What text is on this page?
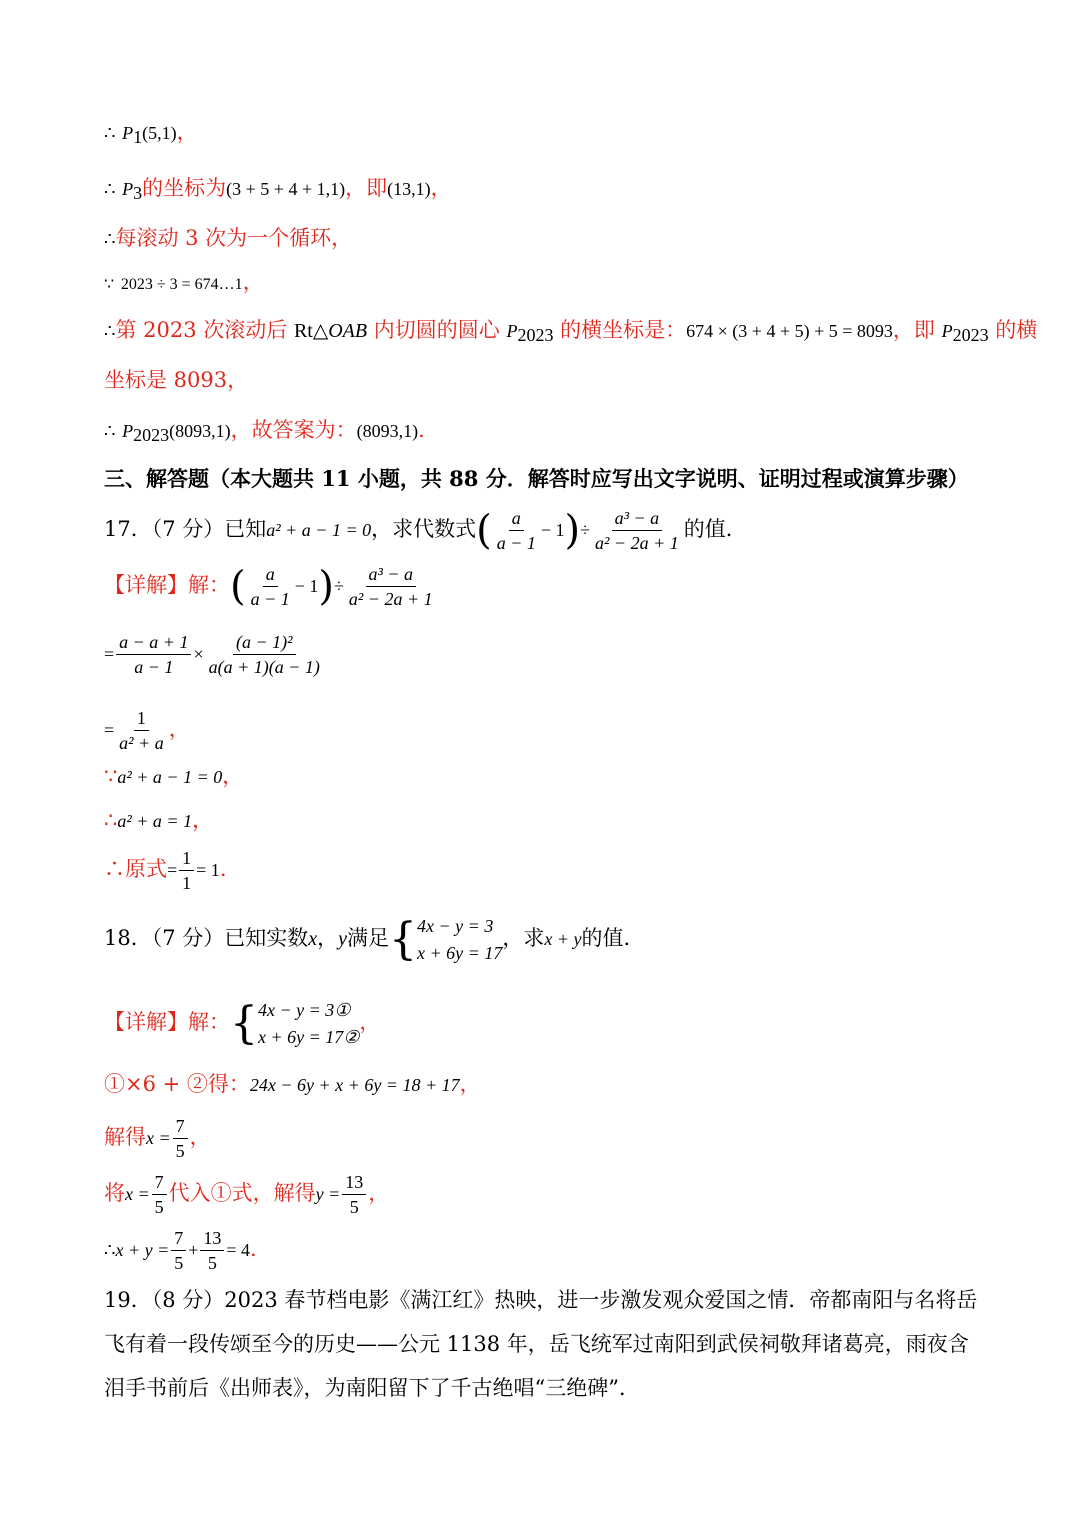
∴ $P_1(5,1)$，
∴ $P_3$的坐标为(3 + 5 + 4 + 1,1)，即(13,1)，
∴每滚动 3 次为一个循环，
∵ 2023 ÷ 3 = 674…1，
∴第 2023 次滚动后 Rt△OAB 内切圆的圆心 $P_{2023}$ 的横坐标是：674 × (3 + 4 + 5) + 5 = 8093，即 $P_{2023}$ 的横
坐标是 8093，
∴ $P_{2023}(8093,1)$，故答案为：(8093,1).
三、解答题（本大题共 11 小题，共 88 分．解答时应写出文字说明、证明过程或演算步骤）
17．（7 分）已知a² + a − 1 = 0，求代数式( $\frac{a}{a - 1} - 1)\div \frac{\text{a³ − a}}{\text{a² − 2a + 1}}$ 的值．
【详解】解：( $\frac{a}{a - 1} - 1)\div \frac{\text{a³ − a}}{\text{a² − 2a + 1}}$
= $\frac{a - a + 1}{a - 1} \times \frac{\text{(a − 1)²}}{a(a + 1)(a - 1)}$
= $\frac{1}{\text{a² + a}}$ ，
∵a² + a − 1 = 0，
∴a² + a = 1，
∴原式= $\frac{1}{1} = 1$.
18．（7 分）已知实数x，y满足 { 4x − y = 3
x + 6y = 17
，求x + y的值．
【详解】解： { 4x − y = 3①
x + 6y = 17②
，
①×6 + ②得：24x − 6y + x + 6y = 18 + 17，
解得$x = \frac{7}{5}$ ，
将$x = \frac{7}{5}$ 代入①式，解得$y = \frac{13}{5}$ ，
∴x + $y = \frac{7}{5} + \frac{13}{5} = 4$.
19．（8 分）2023 春节档电影《满江红》热映，进一步激发观众爱国之情．帝都南阳与名将岳飞有着一段传颂至今的历史——公元 1138 年，岳飞统军过南阳到武侯祠敬拜诸葛亮，雨夜含泪手书前后《出师表》，为南阳留下了千古绝唱“三绝碑”．
